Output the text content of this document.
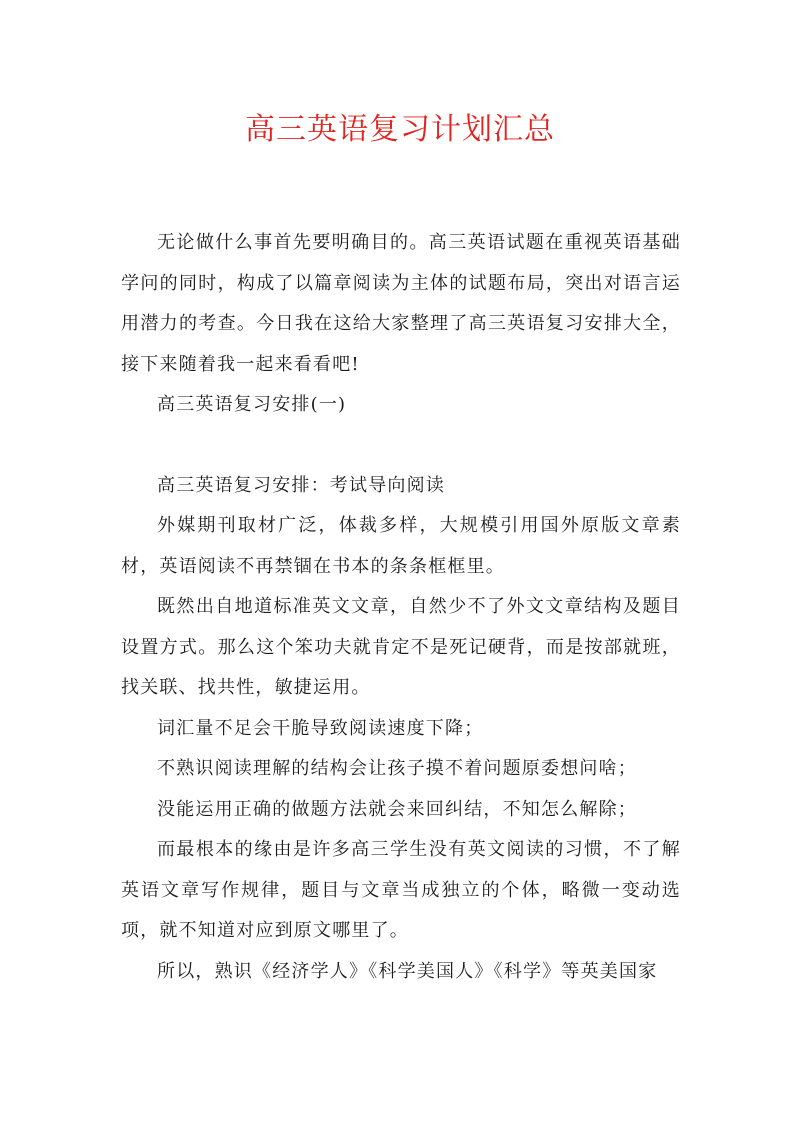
高三英语复习计划汇总

无论做什么事首先要明确目的。高三英语试题在重视英语基础学问的同时，构成了以篇章阅读为主体的试题布局，突出对语言运用潜力的考查。今日我在这给大家整理了高三英语复习安排大全，接下来随着我一起来看看吧!

高三英语复习安排(一)

高三英语复习安排：考试导向阅读

外媒期刊取材广泛，体裁多样，大规模引用国外原版文章素材，英语阅读不再禁锢在书本的条条框框里。

既然出自地道标准英文文章，自然少不了外文文章结构及题目设置方式。那么这个笨功夫就肯定不是死记硬背，而是按部就班，找关联、找共性，敏捷运用。

词汇量不足会干脆导致阅读速度下降；

不熟识阅读理解的结构会让孩子摸不着问题原委想问啥；

没能运用正确的做题方法就会来回纠结，不知怎么解除；

而最根本的缘由是许多高三学生没有英文阅读的习惯，不了解英语文章写作规律，题目与文章当成独立的个体，略微一变动选项，就不知道对应到原文哪里了。

所以，熟识《经济学人》《科学美国人》《科学》等英美国家
